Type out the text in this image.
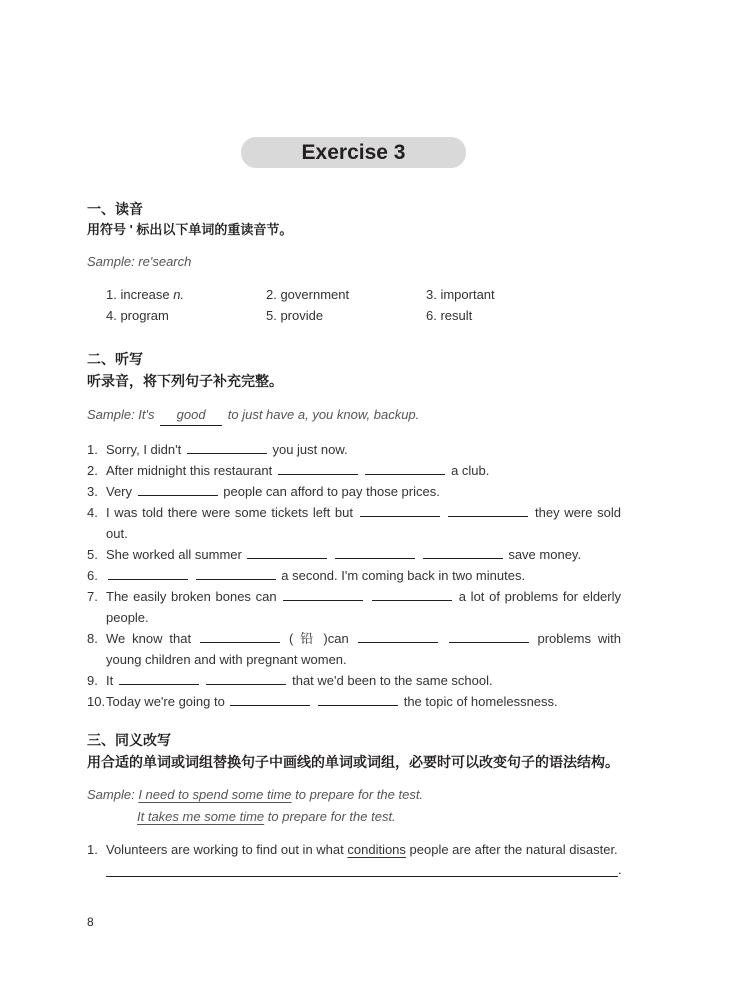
Exercise 3
一、读音
用符号 ' 标出以下单词的重读音节。
Sample: re'search
1. increase n.	2. government	3. important
4. program	5. provide	6. result
二、听写
听录音，将下列句子补充完整。
Sample: It's good to just have a, you know, backup.
1. Sorry, I didn't	you just now.
2. After midnight this restaurant	a club.
3. Very	people can afford to pay those prices.
4. I was told there were some tickets left but	they were sold out.
5. She worked all summer	save money.
6.	a second. I'm coming back in two minutes.
7. The easily broken bones can	a lot of problems for elderly people.
8. We know that	( 铅 )can	problems with young children and with pregnant women.
9. It	that we'd been to the same school.
10. Today we're going to	the topic of homelessness.
三、同义改写
用合适的单词或词组替换句子中画线的单词或词组，必要时可以改变句子的语法结构。
Sample: I need to spend some time to prepare for the test.
It takes me some time to prepare for the test.
1. Volunteers are working to find out in what conditions people are after the natural disaster.
.
8
